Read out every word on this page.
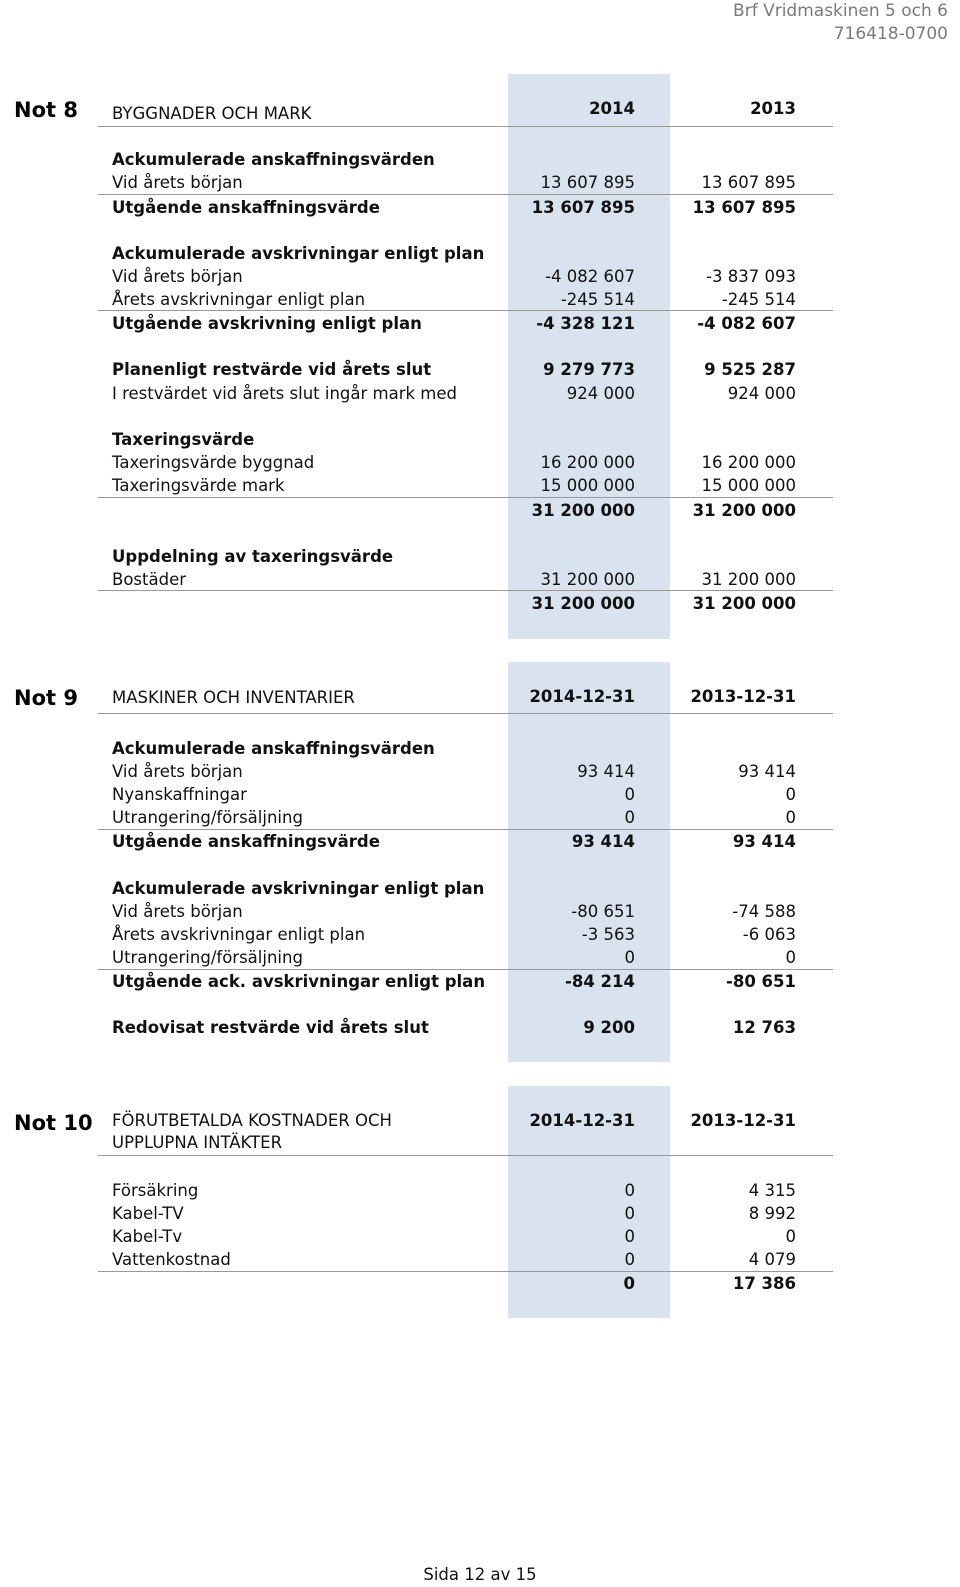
Brf Vridmaskinen 5 och 6
716418-0700
Not 8 BYGGNADER OCH MARK	2014	2013
Ackumulerade anskaffningsvärden
Vid årets början	13 607 895	13 607 895
Utgående anskaffningsvärde	13 607 895	13 607 895
Ackumulerade avskrivningar enligt plan
Vid årets början	-4 082 607	-3 837 093
Årets avskrivningar enligt plan	-245 514	-245 514
Utgående avskrivning enligt plan	-4 328 121	-4 082 607
Planenligt restvärde vid årets slut	9 279 773	9 525 287
I restvärdet vid årets slut ingår mark med	924 000	924 000
Taxeringsvärde
Taxeringsvärde byggnad	16 200 000	16 200 000
Taxeringsvärde mark	15 000 000	15 000 000
31 200 000	31 200 000
Uppdelning av taxeringsvärde
Bostäder	31 200 000	31 200 000
31 200 000	31 200 000
Not 9 MASKINER OCH INVENTARIER	2014-12-31	2013-12-31
Ackumulerade anskaffningsvärden
Vid årets början	93 414	93 414
Nyanskaffningar	0	0
Utrangering/försäljning	0	0
Utgående anskaffningsvärde	93 414	93 414
Ackumulerade avskrivningar enligt plan
Vid årets början	-80 651	-74 588
Årets avskrivningar enligt plan	-3 563	-6 063
Utrangering/försäljning	0	0
Utgående ack. avskrivningar enligt plan	-84 214	-80 651
Redovisat restvärde vid årets slut	9 200	12 763
Not 10 FÖRUTBETALDA KOSTNADER OCH UPPLUPNA INTÄKTER
2014-12-31	2013-12-31
Försäkring	0	4 315
Kabel-TV	0	8 992
Kabel-Tv	0	0
Vattenkostnad	0	4 079
0	17 386
Sida 12 av 15
